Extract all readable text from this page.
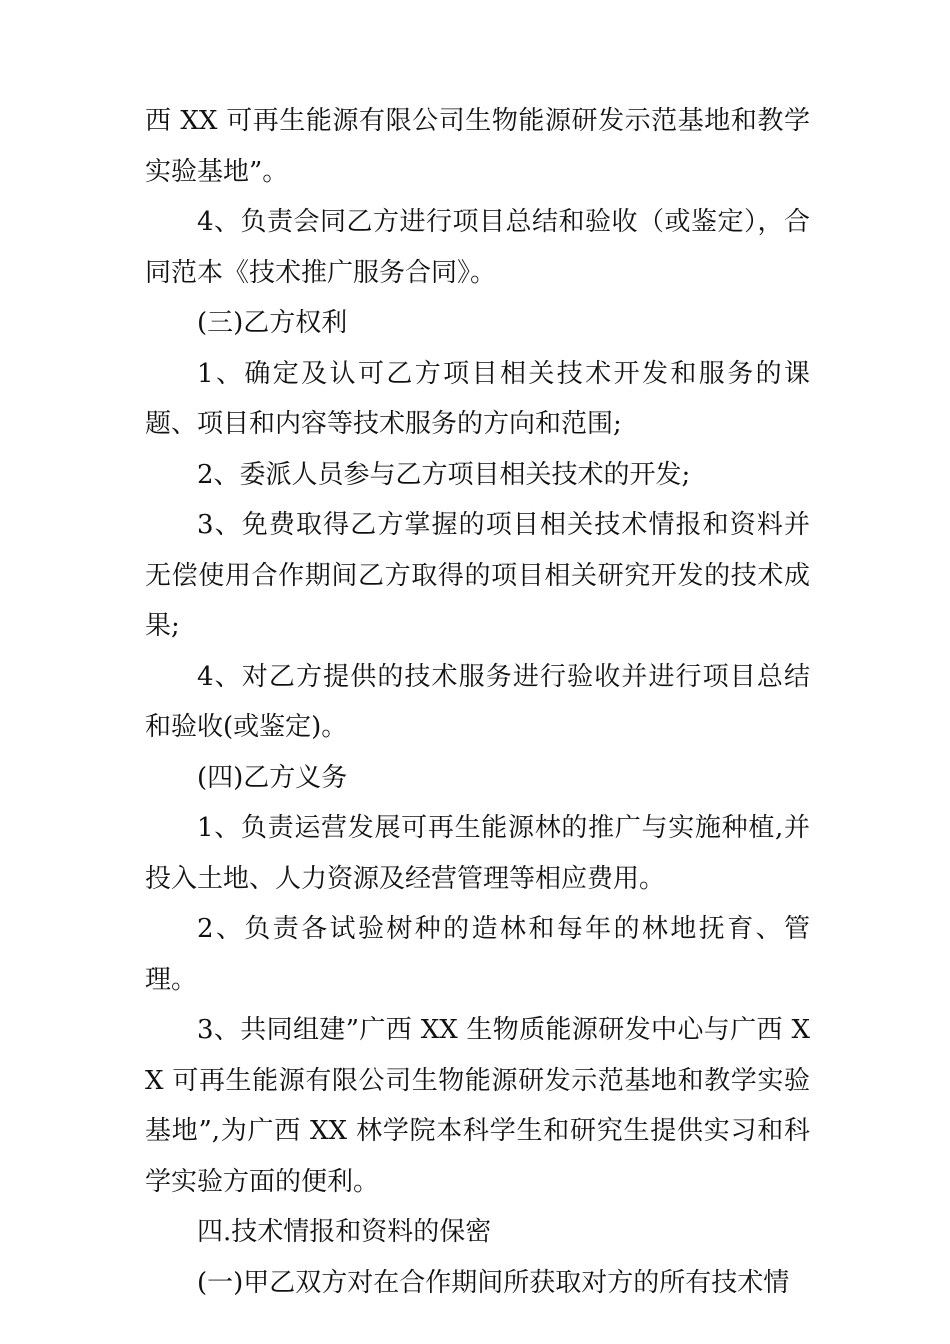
西 XX 可再生能源有限公司生物能源研发示范基地和教学实验基地”。

4、负责会同乙方进行项目总结和验收（或鉴定），合同范本《技术推广服务合同》。

(三)乙方权利

1、确定及认可乙方项目相关技术开发和服务的课题、项目和内容等技术服务的方向和范围;

2、委派人员参与乙方项目相关技术的开发;

3、免费取得乙方掌握的项目相关技术情报和资料并无偿使用合作期间乙方取得的项目相关研究开发的技术成果;

4、对乙方提供的技术服务进行验收并进行项目总结和验收(或鉴定)。

(四)乙方义务

1、负责运营发展可再生能源林的推广与实施种植,并投入土地、人力资源及经营管理等相应费用。

2、负责各试验树种的造林和每年的林地抚育、管理。

3、共同组建”广西 XX 生物质能源研发中心与广西 XX 可再生能源有限公司生物能源研发示范基地和教学实验基地”,为广西 XX 林学院本科学生和研究生提供实习和科学实验方面的便利。

四.技术情报和资料的保密

(一)甲乙双方对在合作期间所获取对方的所有技术情
